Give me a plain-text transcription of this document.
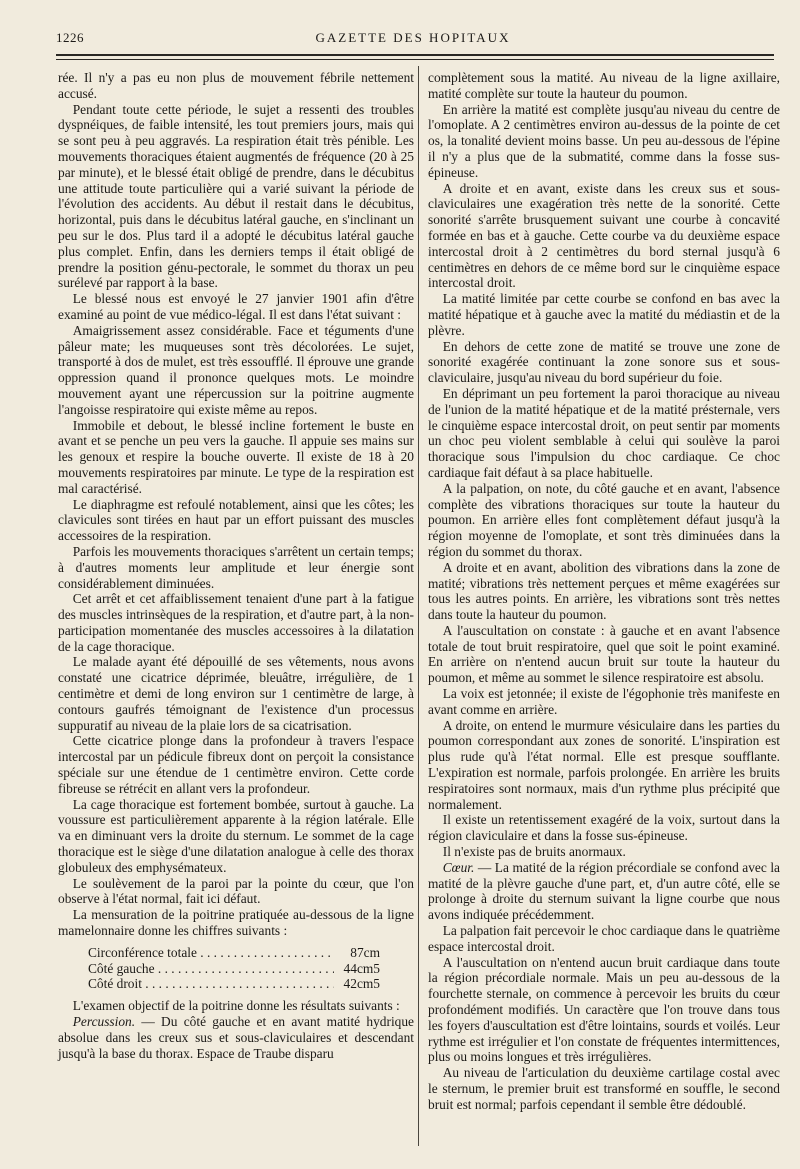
1226	GAZETTE DES HOPITAUX

rée. Il n'y a pas eu non plus de mouvement fébrile nettement accusé.

Pendant toute cette période, le sujet a ressenti des troubles dyspnéiques, de faible intensité, les tout premiers jours, mais qui se sont peu à peu aggravés. La respiration était très pénible. Les mouvements thoraciques étaient augmentés de fréquence (20 à 25 par minute), et le blessé était obligé de prendre, dans le décubitus une attitude toute particulière qui a varié suivant la période de l'évolution des accidents. Au début il restait dans le décubitus, horizontal, puis dans le décubitus latéral gauche, en s'inclinant un peu sur le dos. Plus tard il a adopté le décubitus latéral gauche plus complet. Enfin, dans les derniers temps il était obligé de prendre la position génu-pectorale, le sommet du thorax un peu surélevé par rapport à la base.

Le blessé nous est envoyé le 27 janvier 1901 afin d'être examiné au point de vue médico-légal. Il est dans l'état suivant :

Amaigrissement assez considérable. Face et téguments d'une pâleur mate; les muqueuses sont très décolorées. Le sujet, transporté à dos de mulet, est très essoufflé. Il éprouve une grande oppression quand il prononce quelques mots. Le moindre mouvement ayant une répercussion sur la poitrine augmente l'angoisse respiratoire qui existe même au repos.

Immobile et debout, le blessé incline fortement le buste en avant et se penche un peu vers la gauche. Il appuie ses mains sur les genoux et respire la bouche ouverte. Il existe de 18 à 20 mouvements respiratoires par minute. Le type de la respiration est mal caractérisé.

Le diaphragme est refoulé notablement, ainsi que les côtes; les clavicules sont tirées en haut par un effort puissant des muscles accessoires de la respiration.

Parfois les mouvements thoraciques s'arrêtent un certain temps; à d'autres moments leur amplitude et leur énergie sont considérablement diminuées.

Cet arrêt et cet affaiblissement tenaient d'une part à la fatigue des muscles intrinsèques de la respiration, et d'autre part, à la non-participation momentanée des muscles accessoires à la dilatation de la cage thoracique.

Le malade ayant été dépouillé de ses vêtements, nous avons constaté une cicatrice déprimée, bleuâtre, irrégulière, de 1 centimètre et demi de long environ sur 1 centimètre de large, à contours gaufrés témoignant de l'existence d'un processus suppuratif au niveau de la plaie lors de sa cicatrisation.

Cette cicatrice plonge dans la profondeur à travers l'espace intercostal par un pédicule fibreux dont on perçoit la consistance spéciale sur une étendue de 1 centimètre environ. Cette corde fibreuse se rétrécit en allant vers la profondeur.

La cage thoracique est fortement bombée, surtout à gauche. La voussure est particulièrement apparente à la région latérale. Elle va en diminuant vers la droite du sternum. Le sommet de la cage thoracique est le siège d'une dilatation analogue à celle des thorax globuleux des emphysémateux.

Le soulèvement de la paroi par la pointe du cœur, que l'on observe à l'état normal, fait ici défaut.

La mensuration de la poitrine pratiquée au-dessous de la ligne mamelonnaire donne les chiffres suivants :

Circonférence totale . . .	87cm
Côté gauche . . .	44cm5
Côté droit . . .	42cm5

L'examen objectif de la poitrine donne les résultats suivants :

Percussion. — Du côté gauche et en avant matité hydrique absolue dans les creux sus et sous-claviculaires et descendant jusqu'à la base du thorax. Espace de Traube disparu

complètement sous la matité. Au niveau de la ligne axillaire, matité complète sur toute la hauteur du poumon.

En arrière la matité est complète jusqu'au niveau du centre de l'omoplate. A 2 centimètres environ au-dessus de la pointe de cet os, la tonalité devient moins basse. Un peu au-dessous de l'épine il n'y a plus que de la submatité, comme dans la fosse sus-épineuse.

A droite et en avant, existe dans les creux sus et sous-claviculaires une exagération très nette de la sonorité. Cette sonorité s'arrête brusquement suivant une courbe à concavité formée en bas et à gauche. Cette courbe va du deuxième espace intercostal droit à 2 centimètres du bord sternal jusqu'à 6 centimètres en dehors de ce même bord sur le cinquième espace intercostal droit.

La matité limitée par cette courbe se confond en bas avec la matité hépatique et à gauche avec la matité du médiastin et de la plèvre.

En dehors de cette zone de matité se trouve une zone de sonorité exagérée continuant la zone sonore sus et sous-claviculaire, jusqu'au niveau du bord supérieur du foie.

En déprimant un peu fortement la paroi thoracique au niveau de l'union de la matité hépatique et de la matité présternale, vers le cinquième espace intercostal droit, on peut sentir par moments un choc peu violent semblable à celui qui soulève la paroi thoracique sous l'impulsion du choc cardiaque. Ce choc cardiaque fait défaut à sa place habituelle.

A la palpation, on note, du côté gauche et en avant, l'absence complète des vibrations thoraciques sur toute la hauteur du poumon. En arrière elles font complètement défaut jusqu'à la région moyenne de l'omoplate, et sont très diminuées dans la région du sommet du thorax.

A droite et en avant, abolition des vibrations dans la zone de matité; vibrations très nettement perçues et même exagérées sur tous les autres points. En arrière, les vibrations sont très nettes dans toute la hauteur du poumon.

A l'auscultation on constate : à gauche et en avant l'absence totale de tout bruit respiratoire, quel que soit le point examiné. En arrière on n'entend aucun bruit sur toute la hauteur du poumon, et même au sommet le silence respiratoire est absolu.

La voix est jetonnée; il existe de l'égophonie très manifeste en avant comme en arrière.

A droite, on entend le murmure vésiculaire dans les parties du poumon correspondant aux zones de sonorité. L'inspiration est plus rude qu'à l'état normal. Elle est presque soufflante. L'expiration est normale, parfois prolongée. En arrière les bruits respiratoires sont normaux, mais d'un rythme plus précipité que normalement.

Il existe un retentissement exagéré de la voix, surtout dans la région claviculaire et dans la fosse sus-épineuse.

Il n'existe pas de bruits anormaux.

Cœur. — La matité de la région précordiale se confond avec la matité de la plèvre gauche d'une part, et, d'un autre côté, elle se prolonge à droite du sternum suivant la ligne courbe que nous avons indiquée précédemment.

La palpation fait percevoir le choc cardiaque dans le quatrième espace intercostal droit.

A l'auscultation on n'entend aucun bruit cardiaque dans toute la région précordiale normale. Mais un peu au-dessous de la fourchette sternale, on commence à percevoir les bruits du cœur profondément modifiés. Un caractère que l'on trouve dans tous les foyers d'auscultation est d'être lointains, sourds et voilés. Leur rythme est irrégulier et l'on constate de fréquentes intermittences, plus ou moins longues et très irrégulières.

Au niveau de l'articulation du deuxième cartilage costal avec le sternum, le premier bruit est transformé en souffle, le second bruit est normal; parfois cependant il semble être dédoublé.
